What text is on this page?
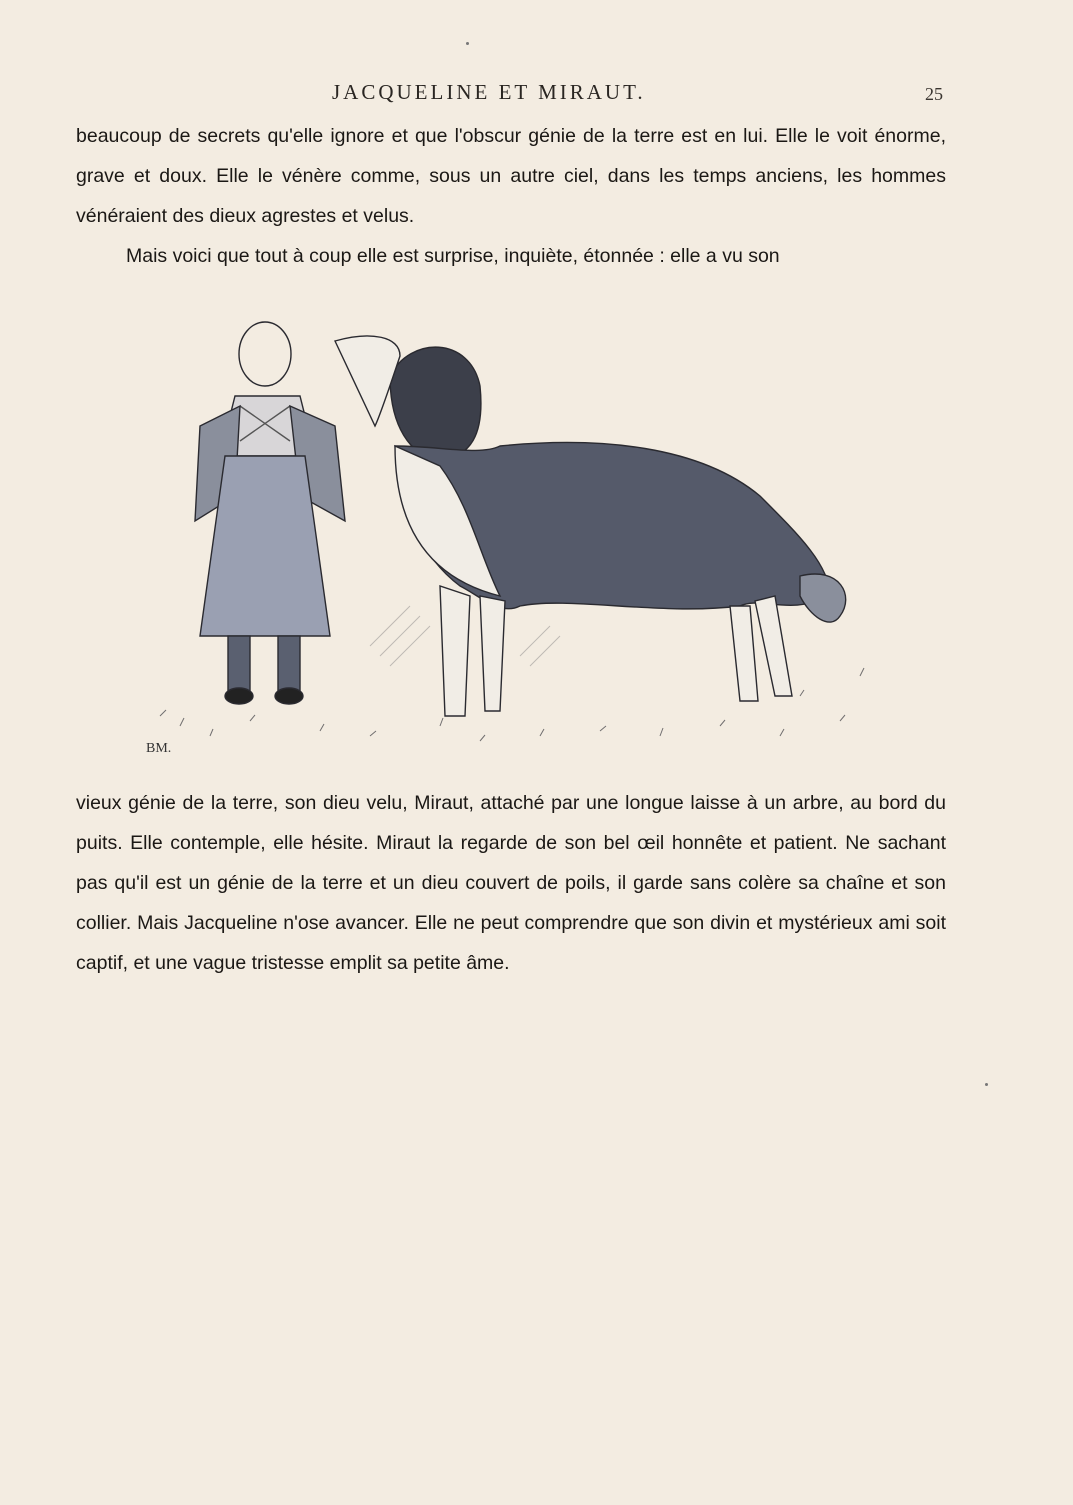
JACQUELINE ET MIRAUT.	25

beaucoup de secrets qu'elle ignore et que l'obscur génie de la terre est en lui. Elle le voit énorme, grave et doux. Elle le vénère comme, sous un autre ciel, dans les temps anciens, les hommes vénéraient des dieux agrestes et velus.

Mais voici que tout à coup elle est surprise, inquiète, étonnée : elle a vu son

BM.

vieux génie de la terre, son dieu velu, Miraut, attaché par une longue laisse à un arbre, au bord du puits. Elle contemple, elle hésite. Miraut la regarde de son bel œil honnête et patient. Ne sachant pas qu'il est un génie de la terre et un dieu couvert de poils, il garde sans colère sa chaîne et son collier. Mais Jacqueline n'ose avancer. Elle ne peut comprendre que son divin et mystérieux ami soit captif, et une vague tristesse emplit sa petite âme.
